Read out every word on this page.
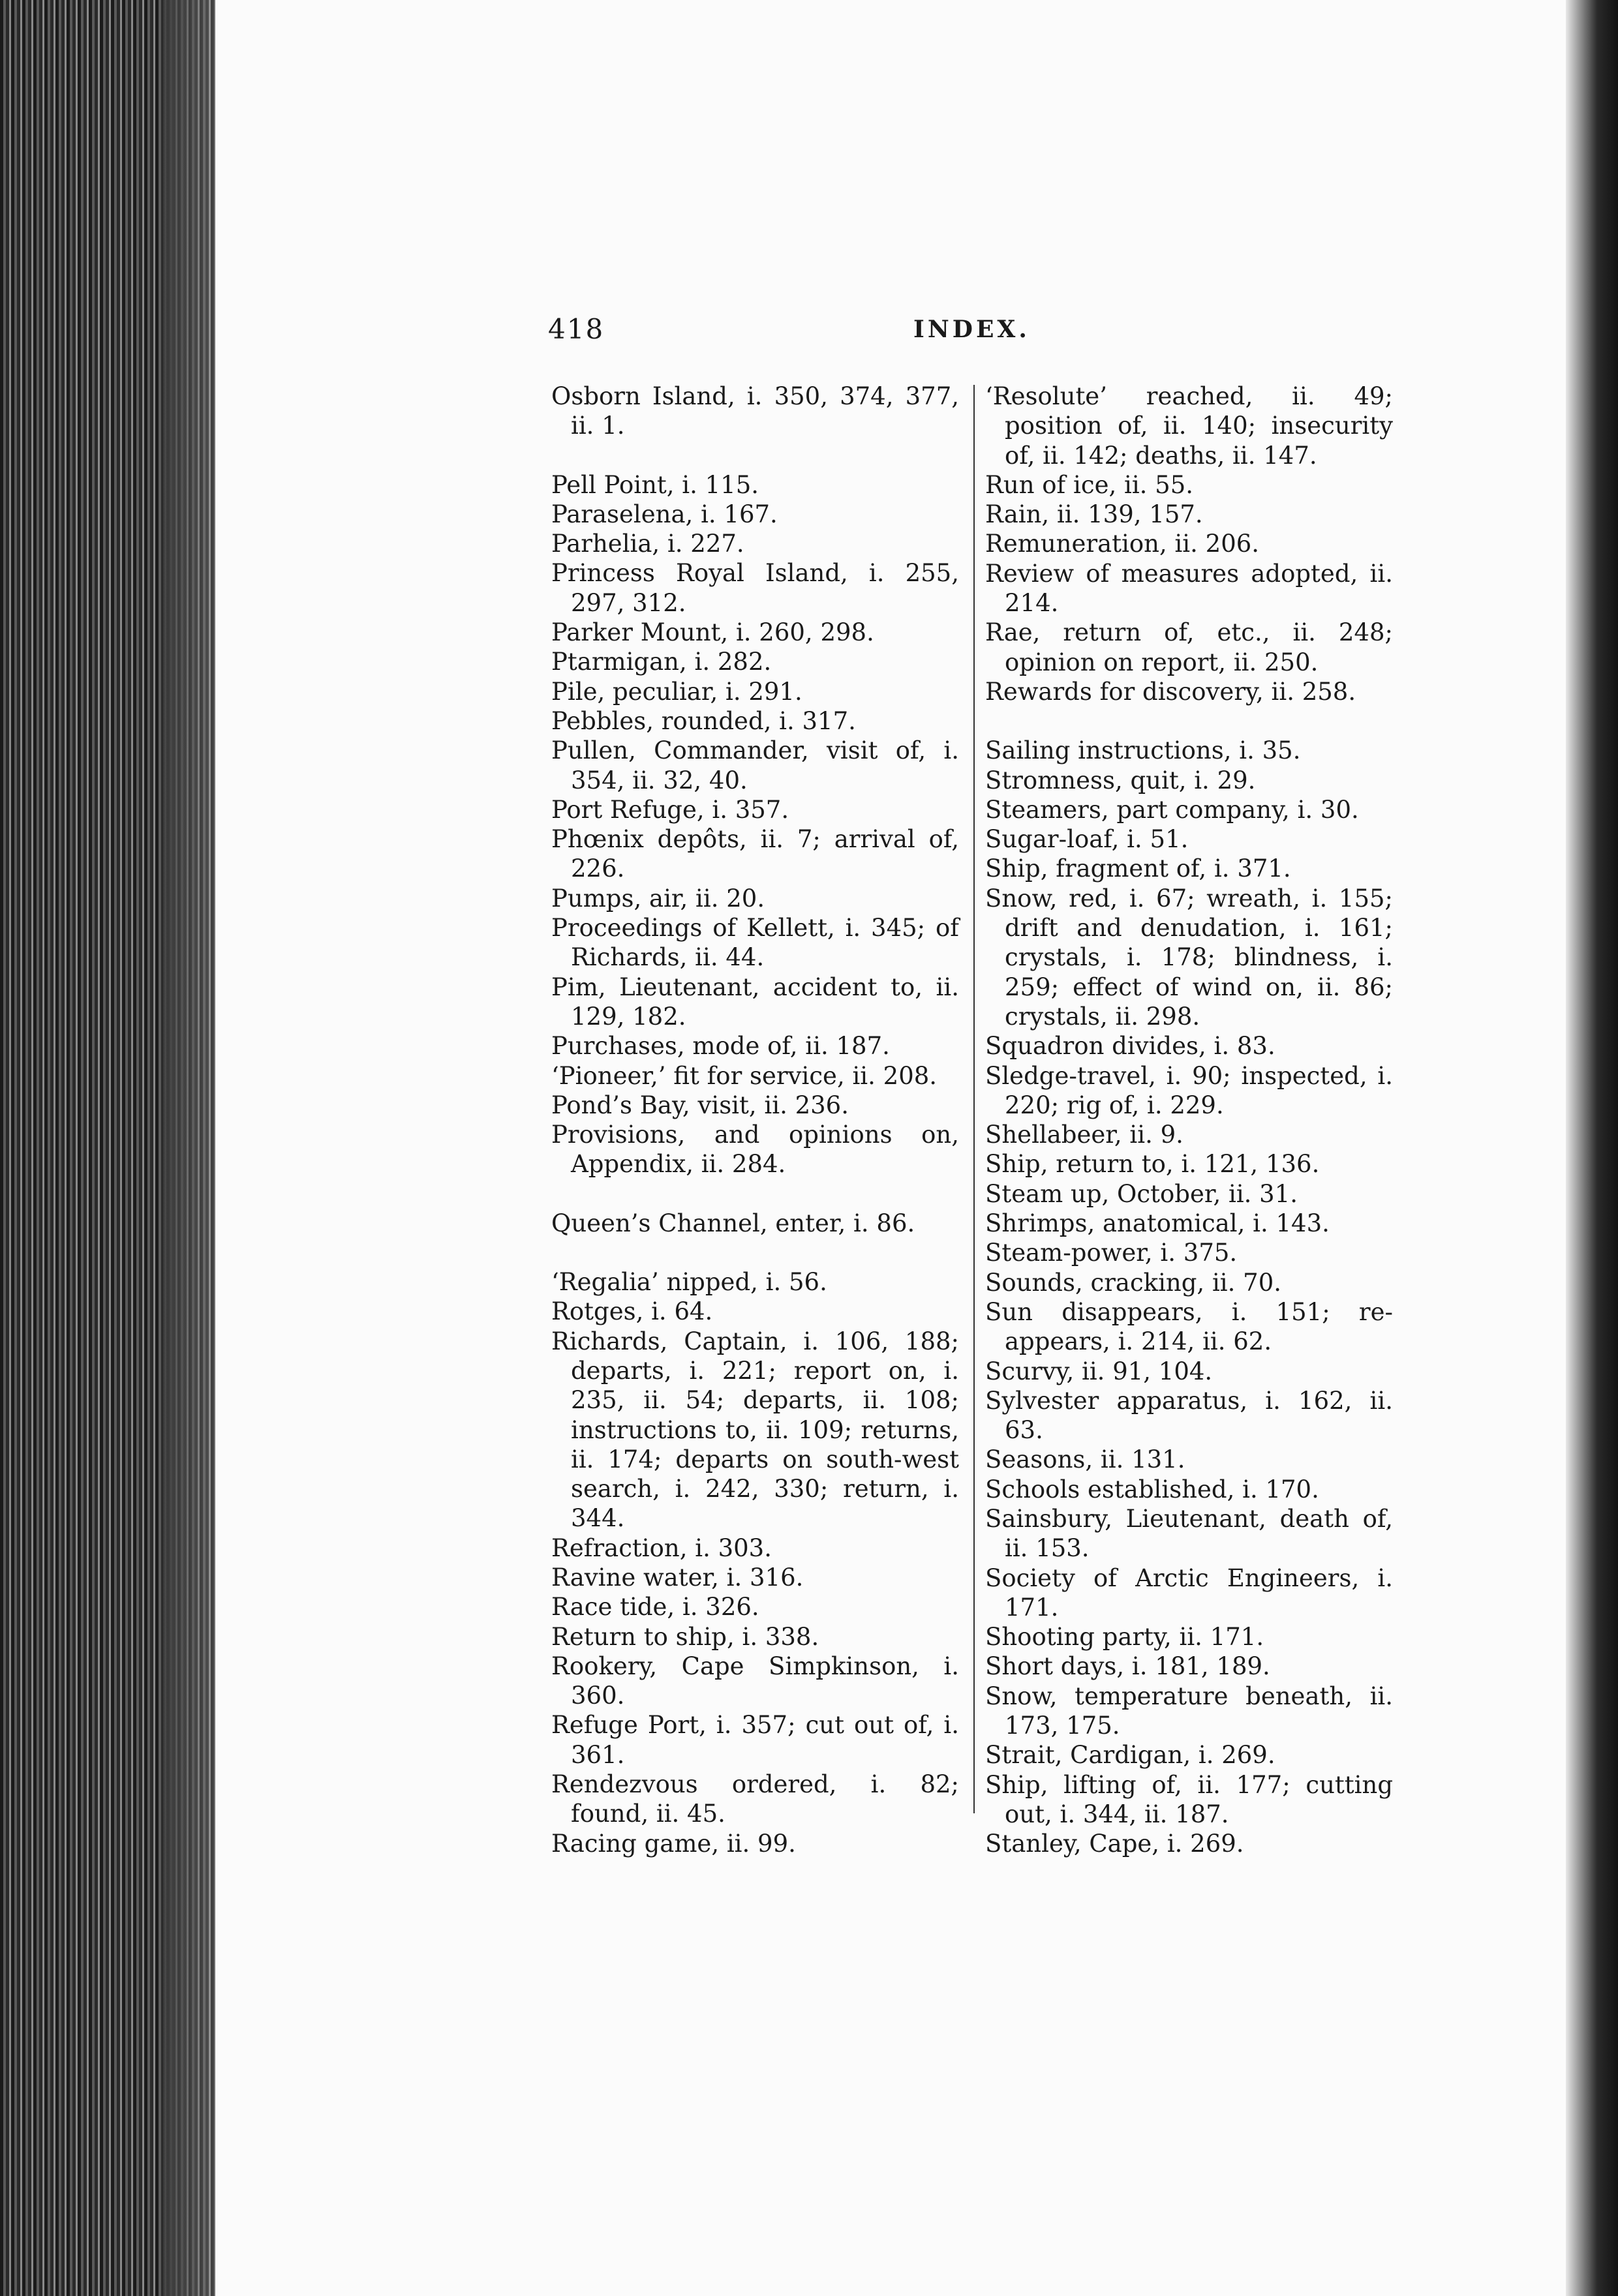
418	INDEX.
Osborn Island, i. 350, 374, 377, ii. 1.
Pell Point, i. 115.
Paraselena, i. 167.
Parhelia, i. 227.
Princess Royal Island, i. 255, 297, 312.
Parker Mount, i. 260, 298.
Ptarmigan, i. 282.
Pile, peculiar, i. 291.
Pebbles, rounded, i. 317.
Pullen, Commander, visit of, i. 354, ii. 32, 40.
Port Refuge, i. 357.
Phœnix depôts, ii. 7; arrival of, 226.
Pumps, air, ii. 20.
Proceedings of Kellett, i. 345; of Richards, ii. 44.
Pim, Lieutenant, accident to, ii. 129, 182.
Purchases, mode of, ii. 187.
‘Pioneer,’ fit for service, ii. 208.
Pond’s Bay, visit, ii. 236.
Provisions, and opinions on, Appendix, ii. 284.
Queen’s Channel, enter, i. 86.
‘Regalia’ nipped, i. 56.
Rotges, i. 64.
Richards, Captain, i. 106, 188; departs, i. 221; report on, i. 235, ii. 54; departs, ii. 108; instructions to, ii. 109; returns, ii. 174; departs on south-west search, i. 242, 330; return, i. 344.
Refraction, i. 303.
Ravine water, i. 316.
Race tide, i. 326.
Return to ship, i. 338.
Rookery, Cape Simpkinson, i. 360.
Refuge Port, i. 357; cut out of, i. 361.
Rendezvous ordered, i. 82; found, ii. 45.
Racing game, ii. 99.
‘Resolute’ reached, ii. 49; position of, ii. 140; insecurity of, ii. 142; deaths, ii. 147.
Run of ice, ii. 55.
Rain, ii. 139, 157.
Remuneration, ii. 206.
Review of measures adopted, ii. 214.
Rae, return of, etc., ii. 248; opinion on report, ii. 250.
Rewards for discovery, ii. 258.
Sailing instructions, i. 35.
Stromness, quit, i. 29.
Steamers, part company, i. 30.
Sugar-loaf, i. 51.
Ship, fragment of, i. 371.
Snow, red, i. 67; wreath, i. 155; drift and denudation, i. 161; crystals, i. 178; blindness, i. 259; effect of wind on, ii. 86; crystals, ii. 298.
Squadron divides, i. 83.
Sledge-travel, i. 90; inspected, i. 220; rig of, i. 229.
Shellabeer, ii. 9.
Ship, return to, i. 121, 136.
Steam up, October, ii. 31.
Shrimps, anatomical, i. 143.
Steam-power, i. 375.
Sounds, cracking, ii. 70.
Sun disappears, i. 151; re-appears, i. 214, ii. 62.
Scurvy, ii. 91, 104.
Sylvester apparatus, i. 162, ii. 63.
Seasons, ii. 131.
Schools established, i. 170.
Sainsbury, Lieutenant, death of, ii. 153.
Society of Arctic Engineers, i. 171.
Shooting party, ii. 171.
Short days, i. 181, 189.
Snow, temperature beneath, ii. 173, 175.
Strait, Cardigan, i. 269.
Ship, lifting of, ii. 177; cutting out, i. 344, ii. 187.
Stanley, Cape, i. 269.
